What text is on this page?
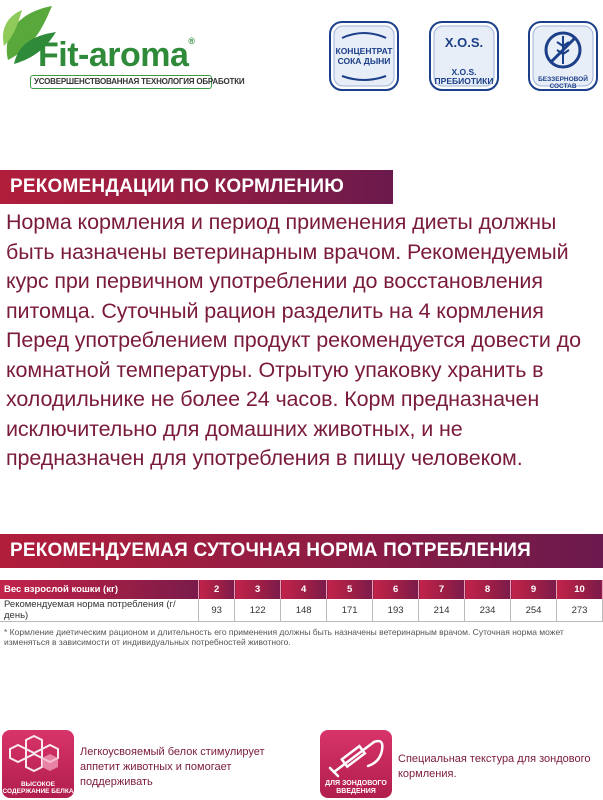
Fit-aroma®
УСОВЕРШЕНСТВОВАННАЯ ТЕХНОЛОГИЯ ОБРАБОТКИ
КОНЦЕНТРАТ
СОКА ДЫНИ
X.O.S.
X.O.S.
ПРЕБИОТИКИ	БЕЗЗЕРНОВОЙ СОСТАВ
РЕКОМЕНДАЦИИ ПО КОРМЛЕНИЮ

Норма кормления и период применения диеты должны быть назначены ветеринарным врачом. Рекомендуемый курс при первичном употреблении до восстановления питомца. Суточный рацион разделить на 4 кормления Перед употреблением продукт рекомендуется довести до комнатной температуры. Отрытую упаковку хранить в холодильнике не более 24 часов. Корм предназначен исключительно для домашних животных, и не предназначен для употребления в пищу человеком.

РЕКОМЕНДУЕМАЯ СУТОЧНАЯ НОРМА ПОТРЕБЛЕНИЯ
Вес взрослой кошки (кг)	2	3	4	5	6	7	8	9	10
Рекомендуемая норма потребления (г/день)	93	122	148	171	193	214	234	254	273

* Кормление диетическим рационом и длительность его применения должны быть назначены ветеринарным врачом. Суточная норма может изменяться в зависимости от индивидуальных потребностей животного.

ВЫСОКОЕ
СОДЕРЖАНИЕ БЕЛКА

Легкоусвояемый белок стимулирует аппетит животных и помогает поддерживать	ДЛЯ ЗОНДОВОГО
ВВЕДЕНИЯ

Специальная текстура для зондового кормления.
